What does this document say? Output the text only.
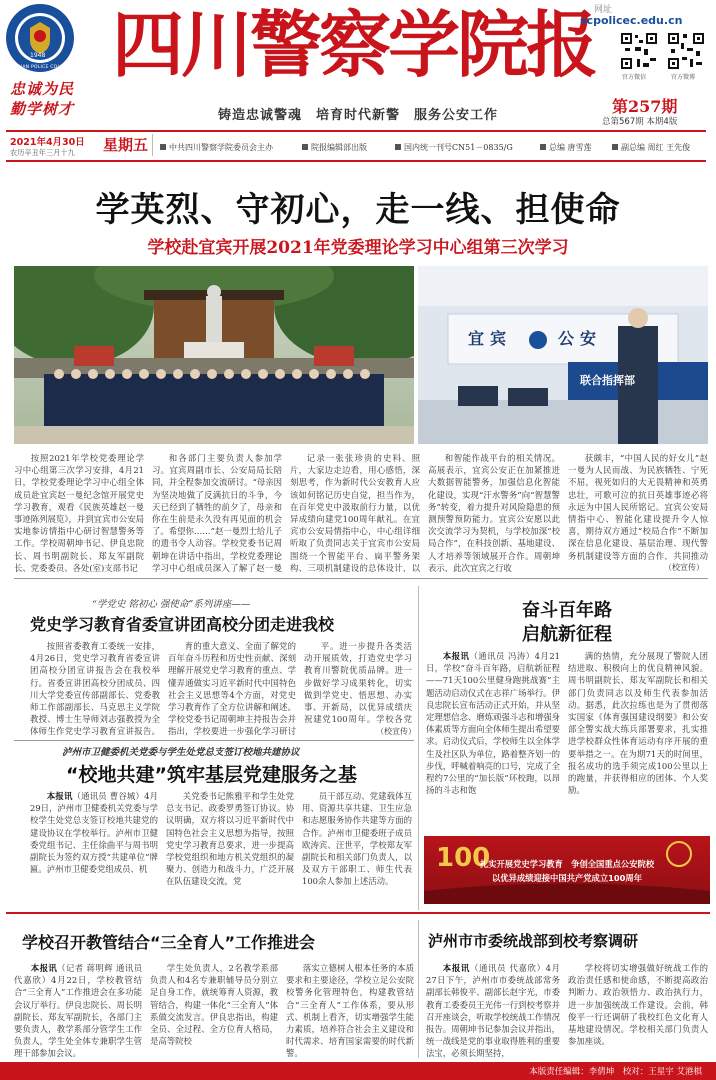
1948
SICHUAN POLICE COLLEGE
忠诚为民
勤学树才
四川警察学院报
网址
scpolicec.edu.cn
官方微信	官方微博
铸造忠诚警魂　培育时代新警　服务公安工作	第257期
总第567期 本期4版
2021年4月30日
农历辛丑年三月十九 星期五	中共四川警察学院委员会主办	院报编辑部出版	国内统一刊号CN51－0835/G	总编 唐雪莲	副总编 周红 王先俊
学英烈、守初心，走一线、担使命
学校赴宜宾开展2021年党委理论学习中心组第三次学习
宜宾	公安
联合指挥部

按照2021年学校党委理论学习中心组第三次学习安排，4月21日，学校党委理论学习中心组全体成员赴宜宾赵一曼纪念馆开展党史学习教育，观看《民族英雄赵一曼事迹陈列展览》，并到宜宾市公安局实地参访情指中心研讨智慧警务等工作。学校周朝坤书记、伊良忠院长、周书明副院长、郑友军副院长、党委委员、各处(室)支部书记

和各部门主要负责人参加学习。宜宾周副市长、公安局局长陪同，并全程参加交流研讨。“母亲因为坚决地做了反满抗日的斗争，今天已经到了牺牲的前夕了，母亲和你在生前是永久没有再见面的机会了。希望你……”赵一曼烈士给儿子的遗书令人动容。学校党委书记周朝坤在讲话中指出，学校党委理论学习中心组成员深入了解了赵一曼

记录一张张珍贵的史料、照片，大家边走边看，用心感悟，深刻思考，作为新时代公安教育人应该如何铭记历史自觉，担当作为，在百年党史中汲取前行力量，以优异成绩向建党100周年献礼。在宜宾市公安局情指中心，中心组详细听取了负责同志关于宜宾市公安局围绕一个智能平台、扁平警务架构、三项机制建设的总体设计，以

和智能作战平台的相关情况。高展表示，宜宾公安正在加紧推进大数据智能警务，加强信息化智能化建设，实现“汗水警务”向“智慧警务”转变，着力提升对风险隐患的预测预警预防能力。宜宾公安愿以此次交流学习为契机，与学校加深“校局合作”，在科技创新、基地建设、人才培养等领域展开合作。周朝坤表示，此次宜宾之行收

获颇丰，“中国人民的好女儿”赵一曼为人民而战、为民族牺牲、宁死不屈，视死如归的大无畏精神和英勇忠壮，可歌可泣的抗日英雄事迹必将永远为中国人民所铭记。宜宾公安局情指中心、智能化建设提升令人惊喜，期待双方通过“校局合作”不断加深在信息化建设、基层治理、现代警务机制建设等方面的合作，共同推动

（校宣传）
“学党史 铭初心 强使命”系列讲座——
党史学习教育省委宣讲团高校分团走进我校

按照省委教育工委统一安排，4月26日，党史学习教育省委宣讲团高校分团宣讲报告会在我校举行。省委宣讲团高校分团成员、四川大学党委宣传部副部长、党委教师工作部副部长、马克思主义学院教授、博士生导师刘志强教授为全体师生作党史学习教育宣讲报告。

育的重大意义、全面了解党的百年奋斗历程和历史性贡献、深刻理解开展党史学习教育的重点、学懂弄通做实习近平新时代中国特色社会主义思想等4个方面，对党史学习教育作了全方位讲解和阐述。学校党委书记周朝坤主持报告会并指出，学校要进一步强化学习研讨

平。进一步提升各类活动开展质效，打造党史学习教育川警院优质品牌。进一步做好学习成果转化，切实做到学党史、悟思想、办实事、开新局，以优异成绩庆祝建党100周年。学校各党

（校宣传）
奋斗百年路
启航新征程

本报讯（通讯员 冯涛）4月21日，学校“奋斗百年路，启航新征程——71天100公里健身跑挑战赛”主题活动启动仪式在志祥广场举行。伊良忠院长宣布活动正式开始，并从坚定理想信念、磨炼顽强斗志和增强身体素质等方面向全体师生提出希望要求。启动仪式后，学校师生以全体学生及社区队为单位，路着整齐划一的步伐，呼喊着响亮的口号，完成了全程约7公里的“加长版”环校跑，以昂扬的斗志和饱

满的热情，充分展现了警院人团结进取、积极向上的优良精神风貌。周书明副院长、郑友军副院长和相关部门负责同志以及师生代表参加活动。据悉，此次拉练也是为了贯彻落实国家《体育强国建设纲要》和公安部全警实战大练兵部署要求，扎实推进学校群众性体育运动有序开展的重要举措之一。在为期71天的时间里，报名成功的选手须完成100公里以上的跑量，并获得相应的团体、个人奖励。

100
扎实开展党史学习教育　争创全国重点公安院校
以优异成绩迎接中国共产党成立100周年
泸州市卫健委机关党委与学生处党总支签订校地共建协议
“校地共建”筑牢基层党建服务之基

本报讯（通讯员 曹谷城）4月29日，泸州市卫健委机关党委与学校学生处党总支签订校地共建党的建设协议在学校举行。泸州市卫健委党组书记、主任徐曲平与周书明副院长为签约双方授“共建单位”牌匾。泸州市卫健委党组成员、机

关党委书记熊雅平和学生处党总支书记、政委罗勇签订协议。协议明确，双方将以习近平新时代中国特色社会主义思想为指导，按照党史学习教育总要求，进一步提高学校党组织和地方机关党组织的凝聚力、创造力和战斗力，广泛开展在队伍建设交流，党

员干部互动、党建载体互用、资源共享共建、卫生应急和志愿服务协作共建等方面的合作。泸州市卫健委班子成员欧涛宾、汪世平，学校郑友军副院长和相关部门负责人，以及双方干部职工、师生代表100余人参加上述活动。

学校召开教管结合“三全育人”工作推进会

本报讯（记者 蒋明辉 通讯员 代嘉欣）4月22日，学校教管结合“三全育人”工作推进会在多功能会议厅举行。伊良忠院长、周长明副院长、郑友军副院长，各部门主要负责人，教学系部分管学生工作负责人，学生处全体专兼职学生管理干部参加会议。

学生处负责人，2名教学系部负责人和4名专兼职辅导员分别立足自身工作，就统筹育人资源，教管结合，构建一体化“三全育人”体系做交流发言。伊良忠指出，构建全员、全过程、全方位育人格局，是高等院校

落实立德树人根本任务的本质要求和主要途径，学校立足公安院校警务化管理特色，构建教管结合“三全育人”工作体系，要从形式、机制上看齐，切实增强学生能力素质，培养符合社会主义建设和时代需求、培育国家需要的时代新警。

泸州市市委统战部到校考察调研

本报讯（通讯员 代嘉欣）4月27日下午，泸州市市委统战部常务副部长韩俊平、副部长赵宇光，市委教育工委委员王光伟一行到校考察并召开座谈会，听取学校统战工作情况报告。周朝坤书记参加会议并指出，统一战线是党的事业取得胜利的重要法宝，必须长期坚持，

学校将切实增强做好统战工作的政治责任感和使命感，不断提高政治判断力、政治领悟力、政治执行力，进一步加强统战工作建设。会前，韩俊平一行还调研了我校红色文化育人基地建设情况。学校相关部门负责人参加座谈。

本版责任编辑：李倩坤　校对：王星宇 艾港棋
